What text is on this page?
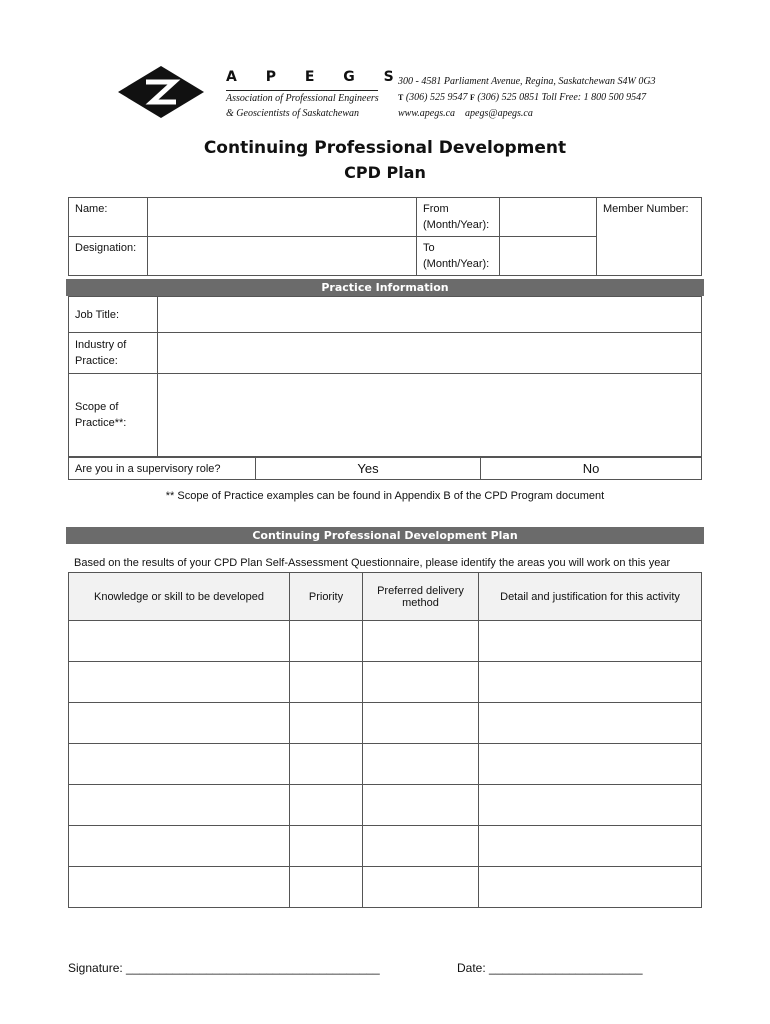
A P E G S
Association of Professional Engineers
& Geoscientists of Saskatchewan
300 - 4581 Parliament Avenue, Regina, Saskatchewan S4W 0G3
T (306) 525 9547 F (306) 525 0851 Toll Free: 1 800 500 9547
www.apegs.ca apegs@apegs.ca
Continuing Professional Development
CPD Plan
Name:		From (Month/Year):		Member Number:

Designation:		To (Month/Year):		

Practice Information
Job Title:	

Industry of Practice:	

Scope of Practice**:	

Are you in a supervisory role?	Yes	No
** Scope of Practice examples can be found in Appendix B of the CPD Program document
Continuing Professional Development Plan
Based on the results of your CPD Plan Self-Assessment Questionnaire, please identify the areas you will work on this year
Knowledge or skill to be developed	Priority	Preferred delivery method	Detail and justification for this activity

Signature: ______________________________________	Date: _______________________
